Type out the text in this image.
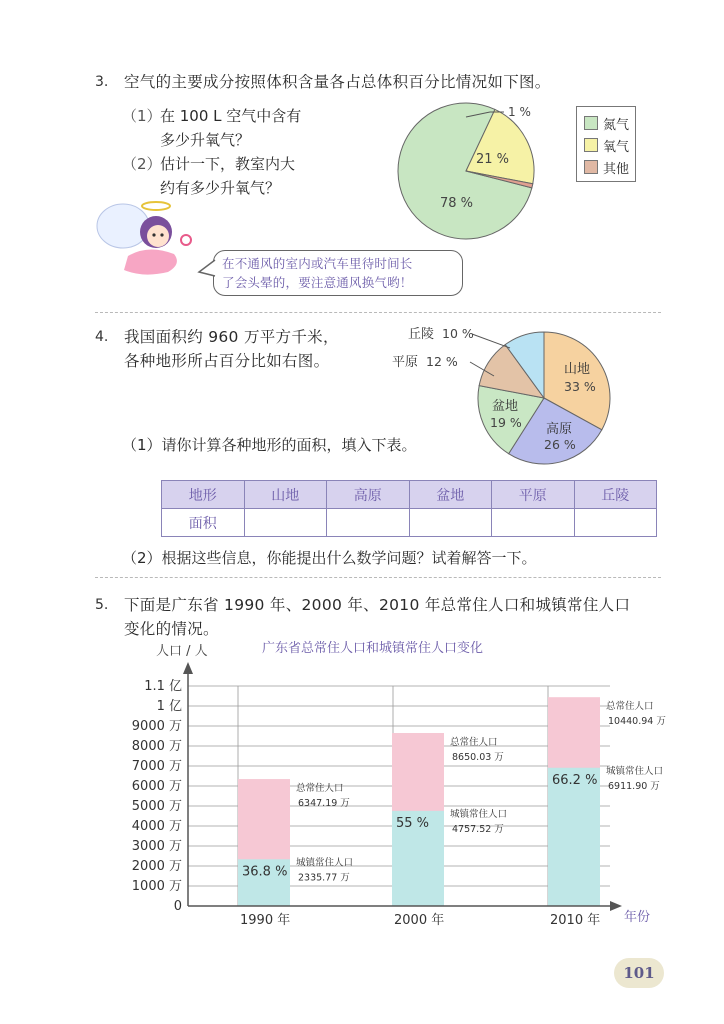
3. 空气的主要成分按照体积含量各占总体积百分比情况如下图。
（1）
在 100 L 空气中含有
多少升氧气？
（2）
估计一下，教室内大
约有多少升氧气？
1 %
21 %
78 %
氮气
氧气
其他
在不通风的室内或汽车里待时间长
了会头晕的，要注意通风换气哟！
4. 我国面积约 960 万平方千米，
各种地形所占百分比如右图。
丘陵 10 %
平原 12 %
山地
33 %
盆地
19 % 高原
26 %
（1）请你计算各种地形的面积，填入下表。
地形	山地	高原	盆地	平原	丘陵
面积					
（2）根据这些信息，你能提出什么数学问题？试着解答一下。
5. 下面是广东省 1990 年、2000 年、2010 年总常住人口和城镇常住人口
变化的情况。
广东省总常住人口和城镇常住人口变化
人口 / 人
年份
0
1000 万
2000 万
3000 万
4000 万
5000 万
6000 万
7000 万
8000 万
9000 万
1 亿
1.1 亿
1990 年
36.8 %
总常住人口
6347.19 万
城镇常住人口
2335.77 万
2000 年
55 %
总常住人口
8650.03 万
城镇常住人口
4757.52 万
2010 年
66.2 %
总常住人口
10440.94 万
城镇常住人口
6911.90 万
101
